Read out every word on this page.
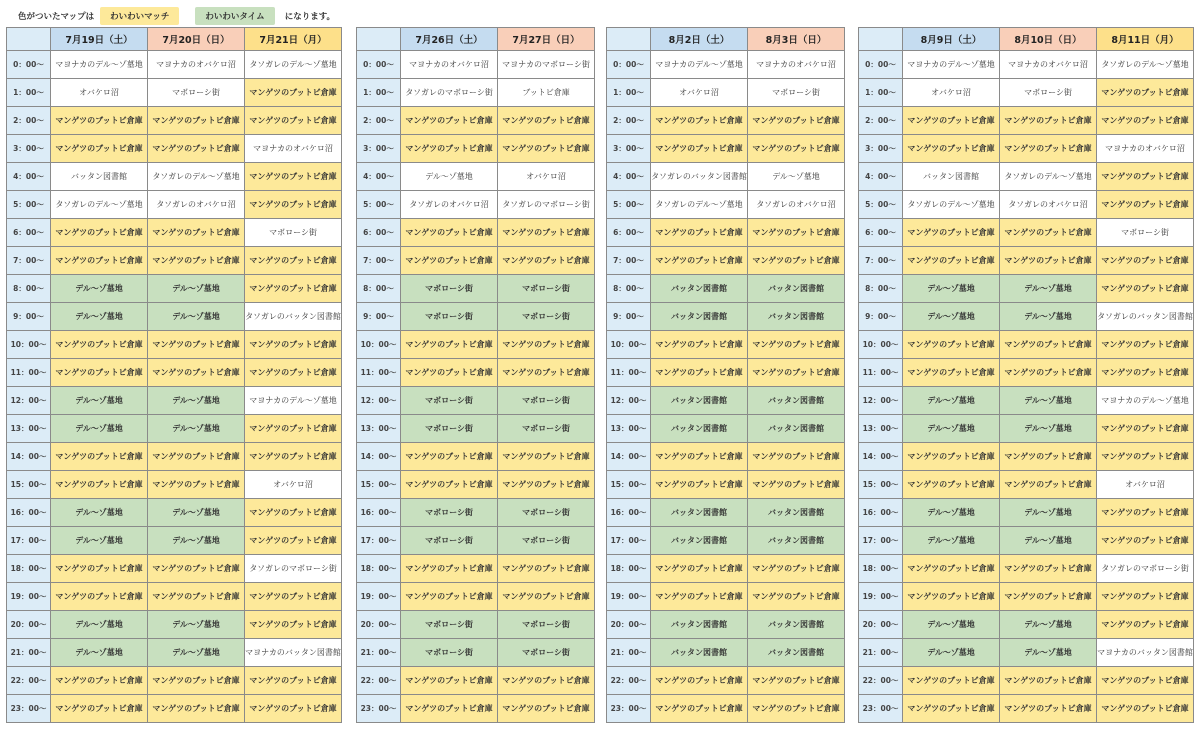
色がついたマップは	わいわいマッチ	わいわいタイム	になります。
	7月19日（土）	7月20日（日）	7月21日（月）
0：00〜	マヨナカのデル〜ゾ墓地	マヨナカのオバケロ沼	タソガレのデル〜ゾ墓地
1：00〜	オバケロ沼	マボローシ街	マンゲツのブットビ倉庫
2：00〜	マンゲツのブットビ倉庫	マンゲツのブットビ倉庫	マンゲツのブットビ倉庫
3：00〜	マンゲツのブットビ倉庫	マンゲツのブットビ倉庫	マヨナカのオバケロ沼
4：00〜	バッタン図書館	タソガレのデル〜ゾ墓地	マンゲツのブットビ倉庫
5：00〜	タソガレのデル〜ゾ墓地	タソガレのオバケロ沼	マンゲツのブットビ倉庫
6：00〜	マンゲツのブットビ倉庫	マンゲツのブットビ倉庫	マボローシ街
7：00〜	マンゲツのブットビ倉庫	マンゲツのブットビ倉庫	マンゲツのブットビ倉庫
8：00〜	デル〜ゾ墓地	デル〜ゾ墓地	マンゲツのブットビ倉庫
9：00〜	デル〜ゾ墓地	デル〜ゾ墓地	タソガレのバッタン図書館
10：00〜	マンゲツのブットビ倉庫	マンゲツのブットビ倉庫	マンゲツのブットビ倉庫
11：00〜	マンゲツのブットビ倉庫	マンゲツのブットビ倉庫	マンゲツのブットビ倉庫
12：00〜	デル〜ゾ墓地	デル〜ゾ墓地	マヨナカのデル〜ゾ墓地
13：00〜	デル〜ゾ墓地	デル〜ゾ墓地	マンゲツのブットビ倉庫
14：00〜	マンゲツのブットビ倉庫	マンゲツのブットビ倉庫	マンゲツのブットビ倉庫
15：00〜	マンゲツのブットビ倉庫	マンゲツのブットビ倉庫	オバケロ沼
16：00〜	デル〜ゾ墓地	デル〜ゾ墓地	マンゲツのブットビ倉庫
17：00〜	デル〜ゾ墓地	デル〜ゾ墓地	マンゲツのブットビ倉庫
18：00〜	マンゲツのブットビ倉庫	マンゲツのブットビ倉庫	タソガレのマボローシ街
19：00〜	マンゲツのブットビ倉庫	マンゲツのブットビ倉庫	マンゲツのブットビ倉庫
20：00〜	デル〜ゾ墓地	デル〜ゾ墓地	マンゲツのブットビ倉庫
21：00〜	デル〜ゾ墓地	デル〜ゾ墓地	マヨナカのバッタン図書館
22：00〜	マンゲツのブットビ倉庫	マンゲツのブットビ倉庫	マンゲツのブットビ倉庫
23：00〜	マンゲツのブットビ倉庫	マンゲツのブットビ倉庫	マンゲツのブットビ倉庫
	7月26日（土）	7月27日（日）
0：00〜	マヨナカのオバケロ沼	マヨナカのマボローシ街
1：00〜	タソガレのマボローシ街	ブットビ倉庫
2：00〜	マンゲツのブットビ倉庫	マンゲツのブットビ倉庫
3：00〜	マンゲツのブットビ倉庫	マンゲツのブットビ倉庫
4：00〜	デル〜ゾ墓地	オバケロ沼
5：00〜	タソガレのオバケロ沼	タソガレのマボローシ街
6：00〜	マンゲツのブットビ倉庫	マンゲツのブットビ倉庫
7：00〜	マンゲツのブットビ倉庫	マンゲツのブットビ倉庫
8：00〜	マボローシ街	マボローシ街
9：00〜	マボローシ街	マボローシ街
10：00〜	マンゲツのブットビ倉庫	マンゲツのブットビ倉庫
11：00〜	マンゲツのブットビ倉庫	マンゲツのブットビ倉庫
12：00〜	マボローシ街	マボローシ街
13：00〜	マボローシ街	マボローシ街
14：00〜	マンゲツのブットビ倉庫	マンゲツのブットビ倉庫
15：00〜	マンゲツのブットビ倉庫	マンゲツのブットビ倉庫
16：00〜	マボローシ街	マボローシ街
17：00〜	マボローシ街	マボローシ街
18：00〜	マンゲツのブットビ倉庫	マンゲツのブットビ倉庫
19：00〜	マンゲツのブットビ倉庫	マンゲツのブットビ倉庫
20：00〜	マボローシ街	マボローシ街
21：00〜	マボローシ街	マボローシ街
22：00〜	マンゲツのブットビ倉庫	マンゲツのブットビ倉庫
23：00〜	マンゲツのブットビ倉庫	マンゲツのブットビ倉庫
	8月2日（土）	8月3日（日）
0：00〜	マヨナカのデル〜ゾ墓地	マヨナカのオバケロ沼
1：00〜	オバケロ沼	マボローシ街
2：00〜	マンゲツのブットビ倉庫	マンゲツのブットビ倉庫
3：00〜	マンゲツのブットビ倉庫	マンゲツのブットビ倉庫
4：00〜	タソガレのバッタン図書館	デル〜ゾ墓地
5：00〜	タソガレのデル〜ゾ墓地	タソガレのオバケロ沼
6：00〜	マンゲツのブットビ倉庫	マンゲツのブットビ倉庫
7：00〜	マンゲツのブットビ倉庫	マンゲツのブットビ倉庫
8：00〜	バッタン図書館	バッタン図書館
9：00〜	バッタン図書館	バッタン図書館
10：00〜	マンゲツのブットビ倉庫	マンゲツのブットビ倉庫
11：00〜	マンゲツのブットビ倉庫	マンゲツのブットビ倉庫
12：00〜	バッタン図書館	バッタン図書館
13：00〜	バッタン図書館	バッタン図書館
14：00〜	マンゲツのブットビ倉庫	マンゲツのブットビ倉庫
15：00〜	マンゲツのブットビ倉庫	マンゲツのブットビ倉庫
16：00〜	バッタン図書館	バッタン図書館
17：00〜	バッタン図書館	バッタン図書館
18：00〜	マンゲツのブットビ倉庫	マンゲツのブットビ倉庫
19：00〜	マンゲツのブットビ倉庫	マンゲツのブットビ倉庫
20：00〜	バッタン図書館	バッタン図書館
21：00〜	バッタン図書館	バッタン図書館
22：00〜	マンゲツのブットビ倉庫	マンゲツのブットビ倉庫
23：00〜	マンゲツのブットビ倉庫	マンゲツのブットビ倉庫
	8月9日（土）	8月10日（日）	8月11日（月）
0：00〜	マヨナカのデル〜ゾ墓地	マヨナカのオバケロ沼	タソガレのデル〜ゾ墓地
1：00〜	オバケロ沼	マボローシ街	マンゲツのブットビ倉庫
2：00〜	マンゲツのブットビ倉庫	マンゲツのブットビ倉庫	マンゲツのブットビ倉庫
3：00〜	マンゲツのブットビ倉庫	マンゲツのブットビ倉庫	マヨナカのオバケロ沼
4：00〜	バッタン図書館	タソガレのデル〜ゾ墓地	マンゲツのブットビ倉庫
5：00〜	タソガレのデル〜ゾ墓地	タソガレのオバケロ沼	マンゲツのブットビ倉庫
6：00〜	マンゲツのブットビ倉庫	マンゲツのブットビ倉庫	マボローシ街
7：00〜	マンゲツのブットビ倉庫	マンゲツのブットビ倉庫	マンゲツのブットビ倉庫
8：00〜	デル〜ゾ墓地	デル〜ゾ墓地	マンゲツのブットビ倉庫
9：00〜	デル〜ゾ墓地	デル〜ゾ墓地	タソガレのバッタン図書館
10：00〜	マンゲツのブットビ倉庫	マンゲツのブットビ倉庫	マンゲツのブットビ倉庫
11：00〜	マンゲツのブットビ倉庫	マンゲツのブットビ倉庫	マンゲツのブットビ倉庫
12：00〜	デル〜ゾ墓地	デル〜ゾ墓地	マヨナカのデル〜ゾ墓地
13：00〜	デル〜ゾ墓地	デル〜ゾ墓地	マンゲツのブットビ倉庫
14：00〜	マンゲツのブットビ倉庫	マンゲツのブットビ倉庫	マンゲツのブットビ倉庫
15：00〜	マンゲツのブットビ倉庫	マンゲツのブットビ倉庫	オバケロ沼
16：00〜	デル〜ゾ墓地	デル〜ゾ墓地	マンゲツのブットビ倉庫
17：00〜	デル〜ゾ墓地	デル〜ゾ墓地	マンゲツのブットビ倉庫
18：00〜	マンゲツのブットビ倉庫	マンゲツのブットビ倉庫	タソガレのマボローシ街
19：00〜	マンゲツのブットビ倉庫	マンゲツのブットビ倉庫	マンゲツのブットビ倉庫
20：00〜	デル〜ゾ墓地	デル〜ゾ墓地	マンゲツのブットビ倉庫
21：00〜	デル〜ゾ墓地	デル〜ゾ墓地	マヨナカのバッタン図書館
22：00〜	マンゲツのブットビ倉庫	マンゲツのブットビ倉庫	マンゲツのブットビ倉庫
23：00〜	マンゲツのブットビ倉庫	マンゲツのブットビ倉庫	マンゲツのブットビ倉庫
